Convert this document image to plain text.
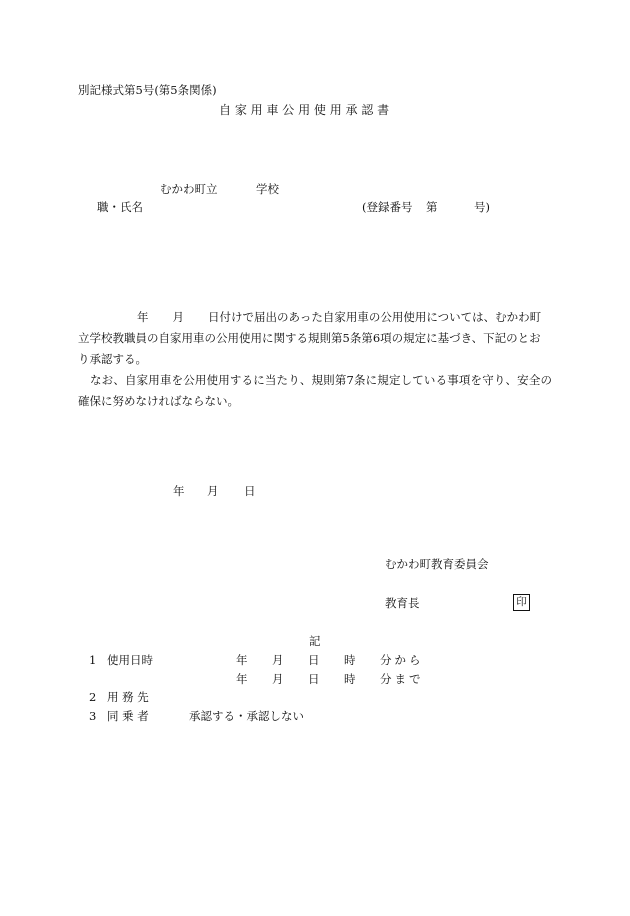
別記様式第5号(第5条関係)
自 家 用 車 公 用 使 用 承 認 書
むかわ町立	学校
職・氏名	(登録番号 第	号)

年 月 日付けで届出のあった自家用車の公用使用については、むかわ町
立学校教職員の自家用車の公用使用に関する規則第5条第6項の規定に基づき、下記のとお
り承認する。

なお、自家用車を公用使用するに当たり、規則第7条に規定している事項を守り、安全の確保に努めなければならない。

年 月 日
むかわ町教育委員会
教育長	印
記
1 使用日時	年 月 日 時 分から
年 月 日 時 分まで
2 用 務 先
3 同 乗 者	承認する・承認しない
